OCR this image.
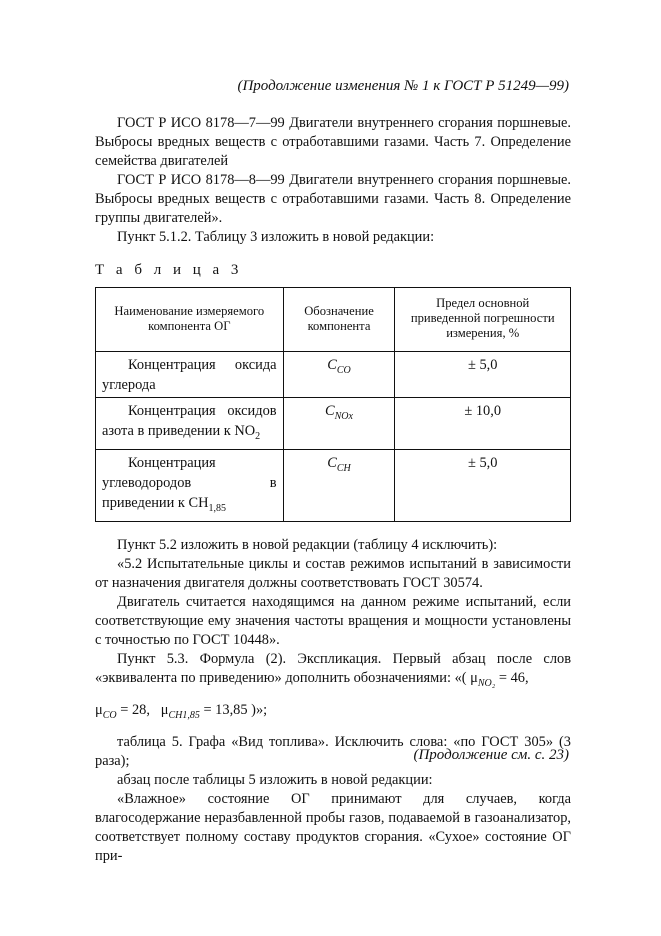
(Продолжение изменения № 1 к ГОСТ Р 51249—99)

ГОСТ Р ИСО 8178—7—99 Двигатели внутреннего сгорания поршневые. Выбросы вредных веществ с отработавшими газами. Часть 7. Определение семейства двигателей

ГОСТ Р ИСО 8178—8—99 Двигатели внутреннего сгорания поршневые. Выбросы вредных веществ с отработавшими газами. Часть 8. Определение группы двигателей».

Пункт 5.1.2. Таблицу 3 изложить в новой редакции:

Т а б л и ц а 3

Наименование измеряемого компонента ОГ	Обозначение компонента	Предел основной приведенной погрешности измерения, %
Концентрация оксида углерода	$C_{CO}$	± 5,0
Концентрация оксидов азота в приведении к $NO_2$	$C_{NOx}$	± 10,0
Концентрация углеводородов в приведении к $CH_{1,85}$	$C_{CH}$	± 5,0

Пункт 5.2 изложить в новой редакции (таблицу 4 исключить):

«5.2 Испытательные циклы и состав режимов испытаний в зависимости от назначения двигателя должны соответствовать ГОСТ 30574.

Двигатель считается находящимся на данном режиме испытаний, если соответствующие ему значения частоты вращения и мощности установлены с точностью по ГОСТ 10448».

Пункт 5.3. Формула (2). Экспликация. Первый абзац после слов «эквивалента по приведению» дополнить обозначениями: «( $\mu_{NO_2} = 46$,

$\mu_{CO} = 28$, $\mu_{CH1,85} = 13,85$ )»;

таблица 5. Графа «Вид топлива». Исключить слова: «по ГОСТ 305» (3 раза);

абзац после таблицы 5 изложить в новой редакции:

«Влажное» состояние ОГ принимают для случаев, когда влагосодержание неразбавленной пробы газов, подаваемой в газоанализатор, соответствует полному составу продуктов сгорания. «Сухое» состояние ОГ при-

(Продолжение см. с. 23)
